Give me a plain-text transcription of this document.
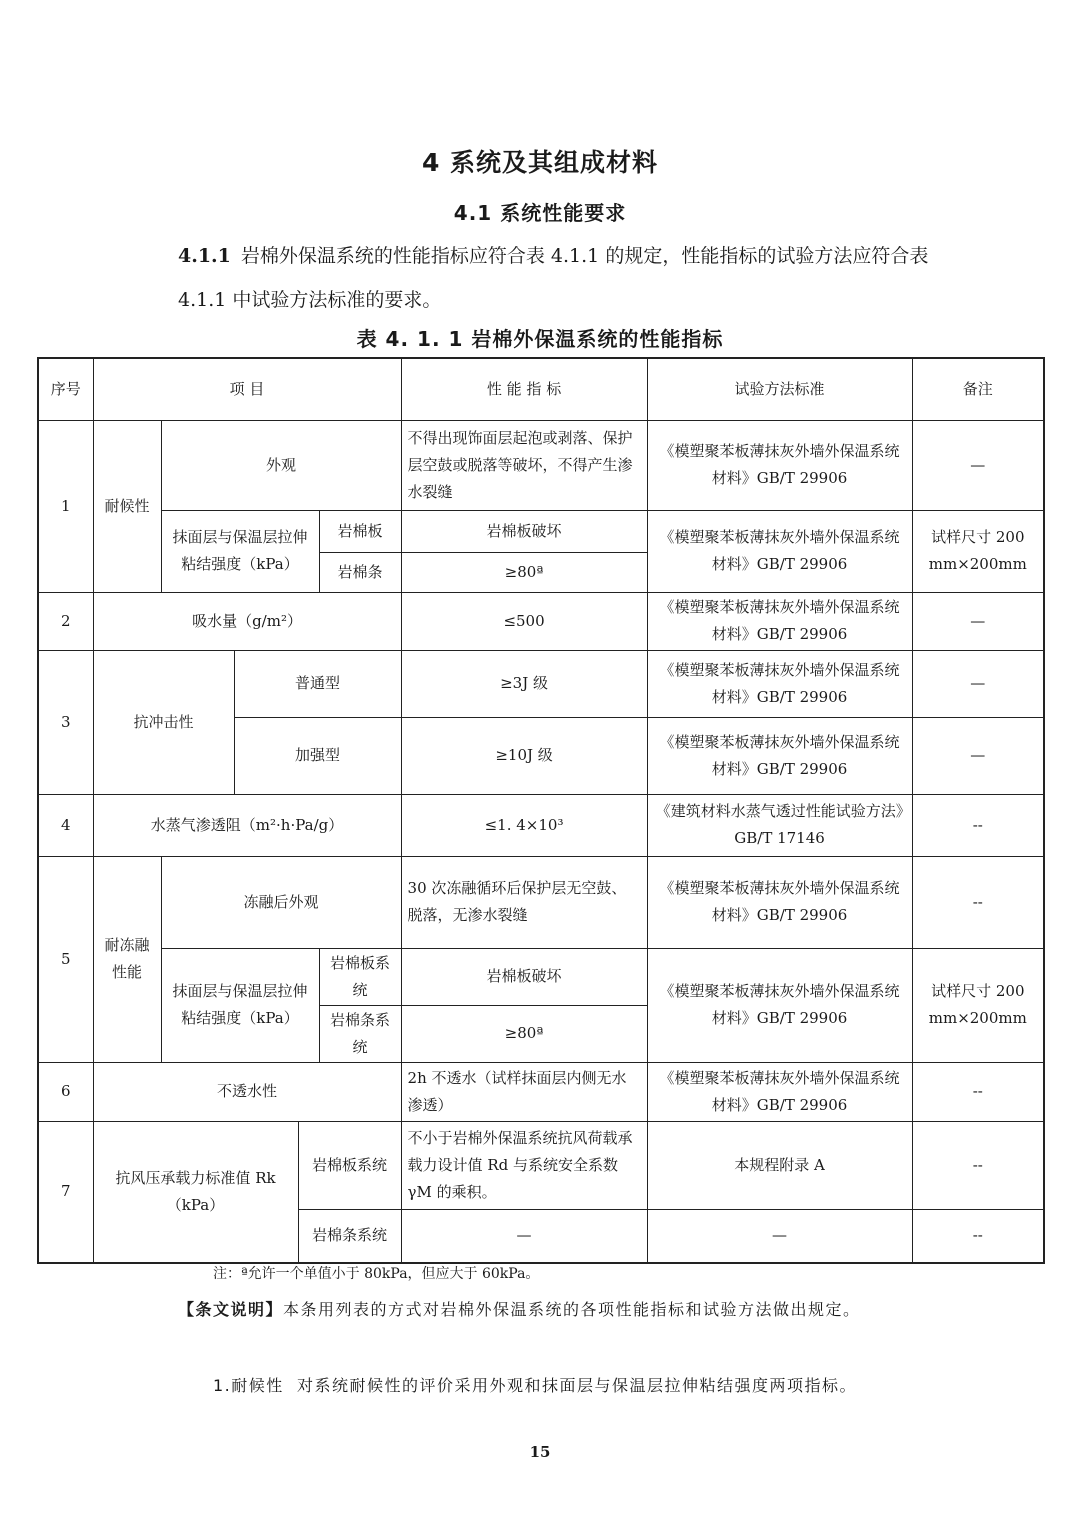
4 系统及其组成材料
4.1 系统性能要求
4.1.1 岩棉外保温系统的性能指标应符合表 4.1.1 的规定，性能指标的试验方法应符合表 4.1.1 中试验方法标准的要求。
表 4. 1. 1 岩棉外保温系统的性能指标
序号	项 目					性 能 指 标	试验方法标准	备注
1	耐候性	外观				不得出现饰面层起泡或剥落、保护层空鼓或脱落等破坏，不得产生渗水裂缝	《模塑聚苯板薄抹灰外墙外保温系统材料》GB/T 29906	—
		抹面层与保温层拉伸粘结强度（kPa）			岩棉板	岩棉板破坏	《模塑聚苯板薄抹灰外墙外保温系统材料》GB/T 29906	试样尺寸 200 mm×200mm
					岩棉条	≥80ª		
2	吸水量（g/m²）					≤500	《模塑聚苯板薄抹灰外墙外保温系统材料》GB/T 29906	—
3	抗冲击性		普通型			≥3J 级	《模塑聚苯板薄抹灰外墙外保温系统材料》GB/T 29906	—
			加强型			≥10J 级	《模塑聚苯板薄抹灰外墙外保温系统材料》GB/T 29906	—
4	水蒸气渗透阻（m²·h·Pa/g）					≤1. 4×10³	《建筑材料水蒸气透过性能试验方法》GB/T 17146	--
5	耐冻融性能	冻融后外观				30 次冻融循环后保护层无空鼓、脱落，无渗水裂缝	《模塑聚苯板薄抹灰外墙外保温系统材料》GB/T 29906	--
		抹面层与保温层拉伸粘结强度（kPa）			岩棉板系统	岩棉板破坏	《模塑聚苯板薄抹灰外墙外保温系统材料》GB/T 29906	试样尺寸 200 mm×200mm
					岩棉条系统	≥80ª		
6	不透水性					2h 不透水（试样抹面层内侧无水渗透）	《模塑聚苯板薄抹灰外墙外保温系统材料》GB/T 29906	--
7	抗风压承载力标准值 Rk（kPa）			岩棉板系统		不小于岩棉外保温系统抗风荷载承载力设计值 Rd 与系统安全系数 γM 的乘积。	本规程附录 A	--
				岩棉条系统		—	—	--
注：ª允许一个单值小于 80kPa，但应大于 60kPa。
【条文说明】本条用列表的方式对岩棉外保温系统的各项性能指标和试验方法做出规定。
1.耐候性 对系统耐候性的评价采用外观和抹面层与保温层拉伸粘结强度两项指标。
15
